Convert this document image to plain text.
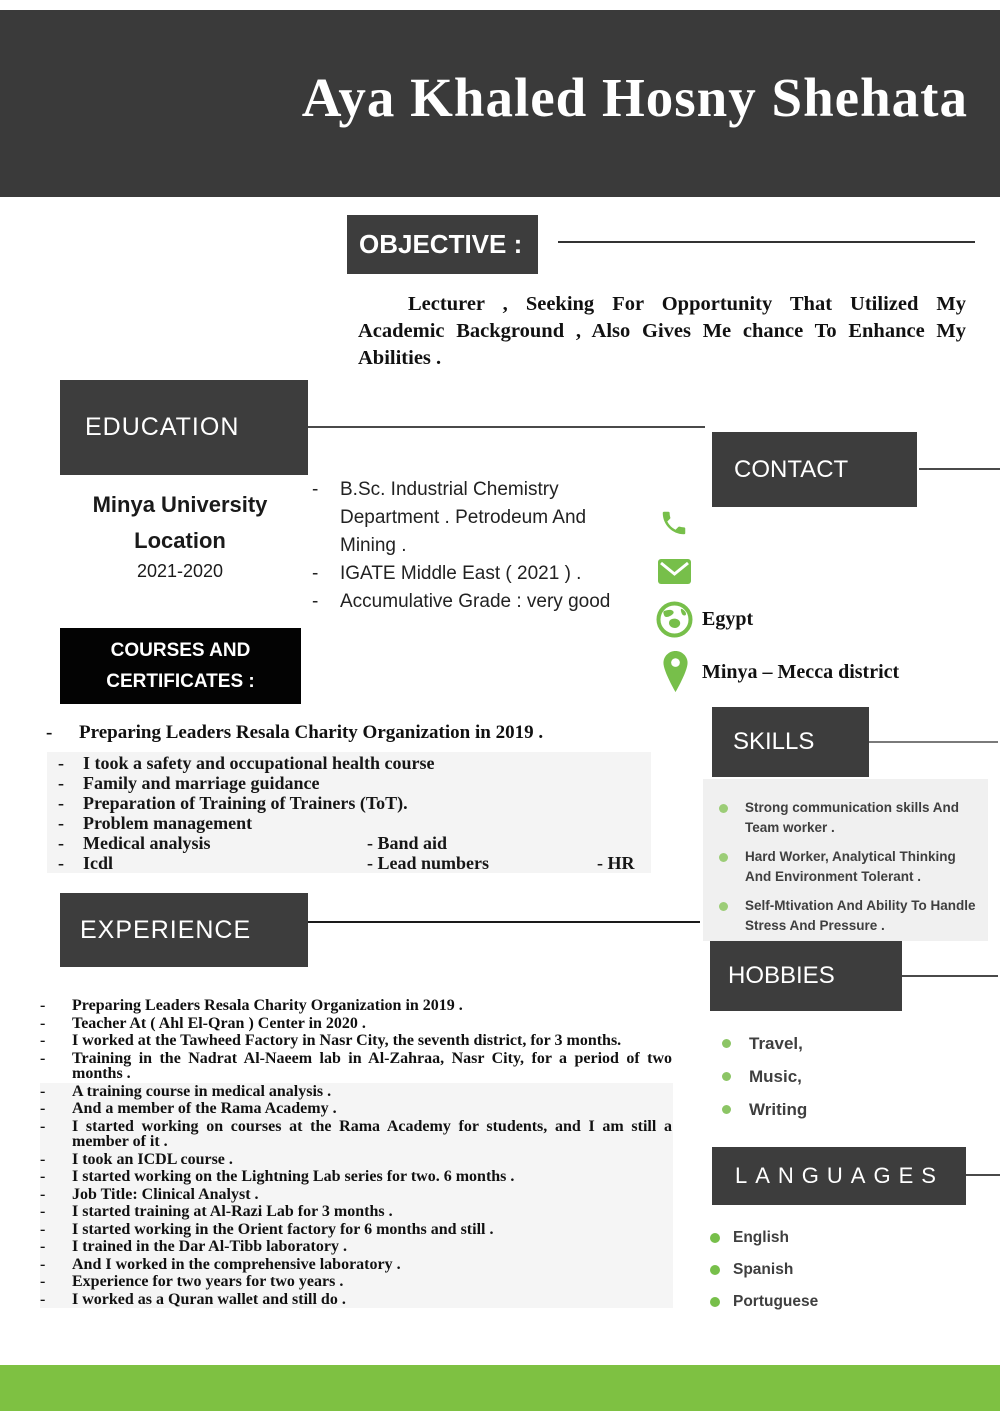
Aya Khaled Hosny Shehata
OBJECTIVE :
Lecturer , Seeking For Opportunity That Utilized My Academic Background , Also Gives Me chance To Enhance My Abilities .
EDUCATION
Minya University
Location
2021-2020
-	B.Sc. Industrial Chemistry Department . Petrodeum And Mining .
-	IGATE Middle East ( 2021 ) .
-	Accumulative Grade : very good
CONTACT
Egypt
Minya – Mecca district
COURSES AND
CERTIFICATES :
-	Preparing Leaders Resala Charity Organization in 2019 .
- I took a safety and occupational health course
- Family and marriage guidance
- Preparation of Training of Trainers (ToT).
- Problem management
- Medical analysis	- Band aid
- Icdl	- Lead numbers	- HR
SKILLS
Strong communication skills And Team worker .
Hard Worker, Analytical Thinking And Environment Tolerant .
Self-Mtivation And Ability To Handle Stress And Pressure .
EXPERIENCE
-	Preparing Leaders Resala Charity Organization in 2019 .
-	Teacher At ( Ahl El-Qran ) Center in 2020 .
-	I worked at the Tawheed Factory in Nasr City, the seventh district, for 3 months.
-	Training in the Nadrat Al-Naeem lab in Al-Zahraa, Nasr City, for a period of two months .
-	A training course in medical analysis .
-	And a member of the Rama Academy .
-	I started working on courses at the Rama Academy for students, and I am still a member of it .
-	I took an ICDL course .
-	I started working on the Lightning Lab series for two. 6 months .
-	Job Title: Clinical Analyst .
-	I started training at Al-Razi Lab for 3 months .
-	I started working in the Orient factory for 6 months and still .
-	I trained in the Dar Al-Tibb laboratory .
-	And I worked in the comprehensive laboratory .
-	Experience for two years for two years .
-	I worked as a Quran wallet and still do .
HOBBIES
Travel,
Music,
Writing
LANGUAGES
English
Spanish
Portuguese
